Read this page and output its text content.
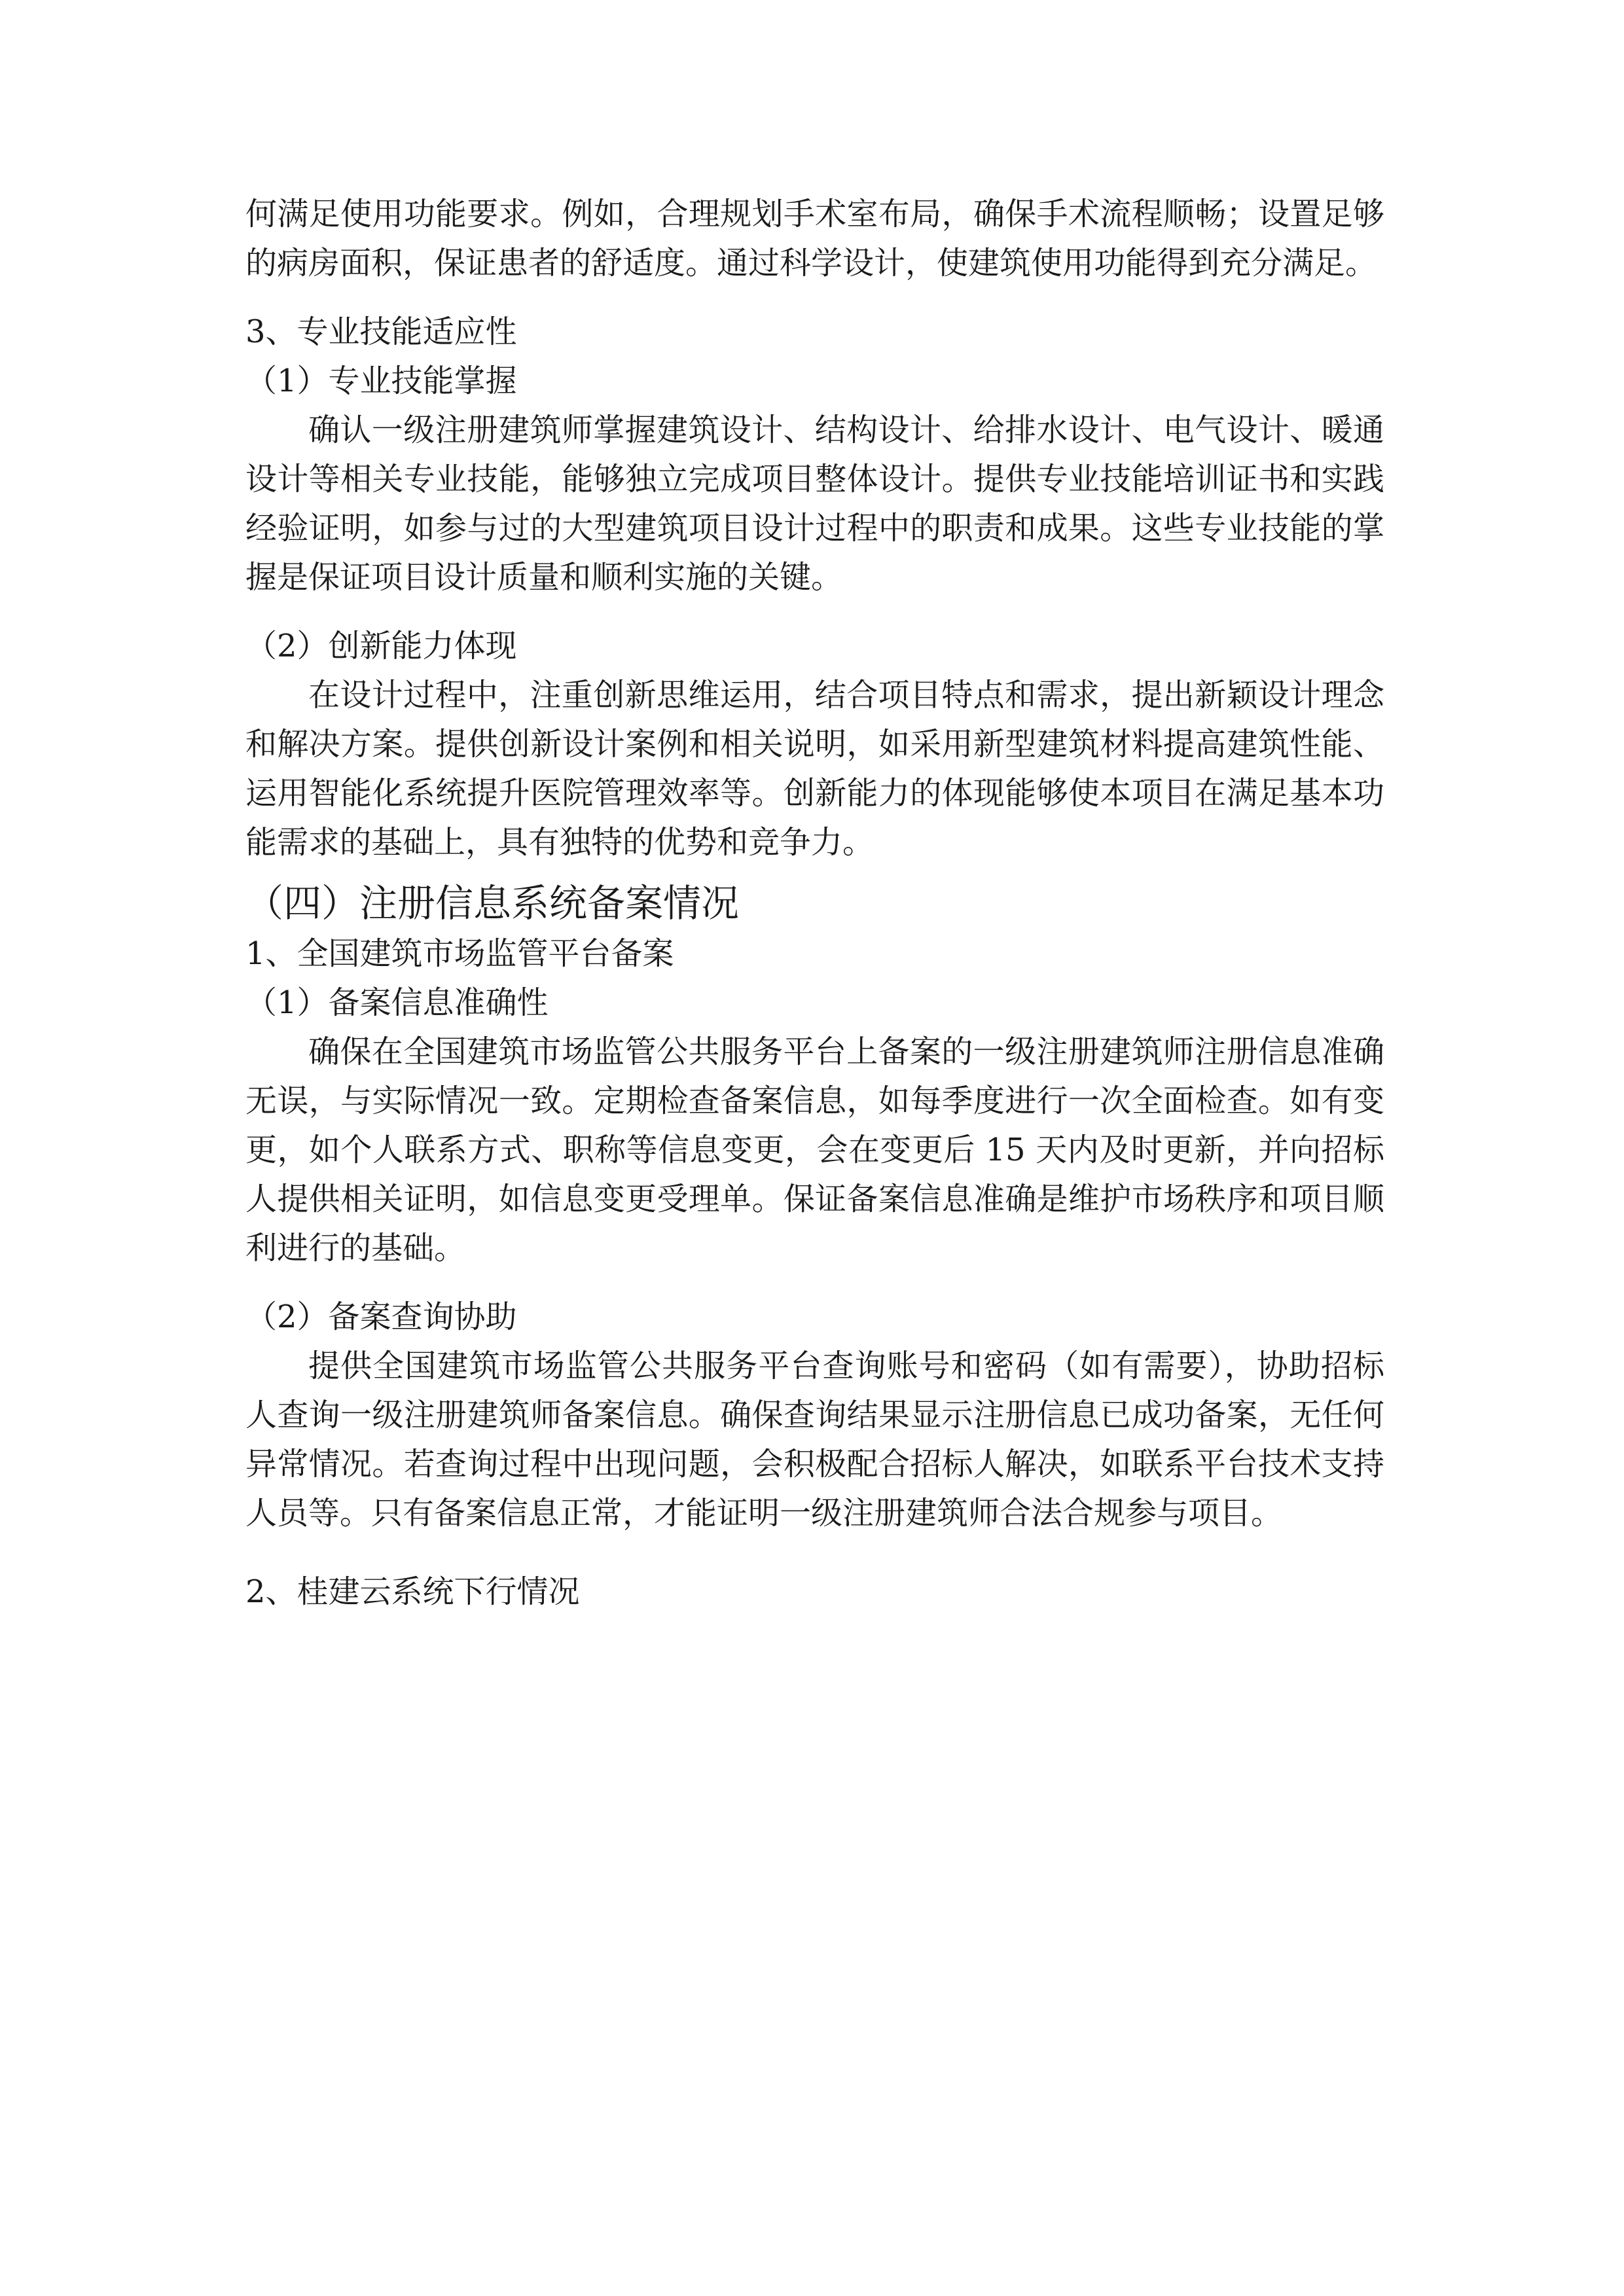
何满足使用功能要求。例如，合理规划手术室布局，确保手术流程顺畅；设置足够的病房面积，保证患者的舒适度。通过科学设计，使建筑使用功能得到充分满足。

3、专业技能适应性
（1）专业技能掌握

确认一级注册建筑师掌握建筑设计、结构设计、给排水设计、电气设计、暖通设计等相关专业技能，能够独立完成项目整体设计。提供专业技能培训证书和实践经验证明，如参与过的大型建筑项目设计过程中的职责和成果。这些专业技能的掌握是保证项目设计质量和顺利实施的关键。

（2）创新能力体现

在设计过程中，注重创新思维运用，结合项目特点和需求，提出新颖设计理念和解决方案。提供创新设计案例和相关说明，如采用新型建筑材料提高建筑性能、运用智能化系统提升医院管理效率等。创新能力的体现能够使本项目在满足基本功能需求的基础上，具有独特的优势和竞争力。

（四）注册信息系统备案情况
1、全国建筑市场监管平台备案
（1）备案信息准确性

确保在全国建筑市场监管公共服务平台上备案的一级注册建筑师注册信息准确无误，与实际情况一致。定期检查备案信息，如每季度进行一次全面检查。如有变更，如个人联系方式、职称等信息变更，会在变更后 15 天内及时更新，并向招标人提供相关证明，如信息变更受理单。保证备案信息准确是维护市场秩序和项目顺利进行的基础。

（2）备案查询协助

提供全国建筑市场监管公共服务平台查询账号和密码（如有需要），协助招标人查询一级注册建筑师备案信息。确保查询结果显示注册信息已成功备案，无任何异常情况。若查询过程中出现问题，会积极配合招标人解决，如联系平台技术支持人员等。只有备案信息正常，才能证明一级注册建筑师合法合规参与项目。

2、桂建云系统下行情况
